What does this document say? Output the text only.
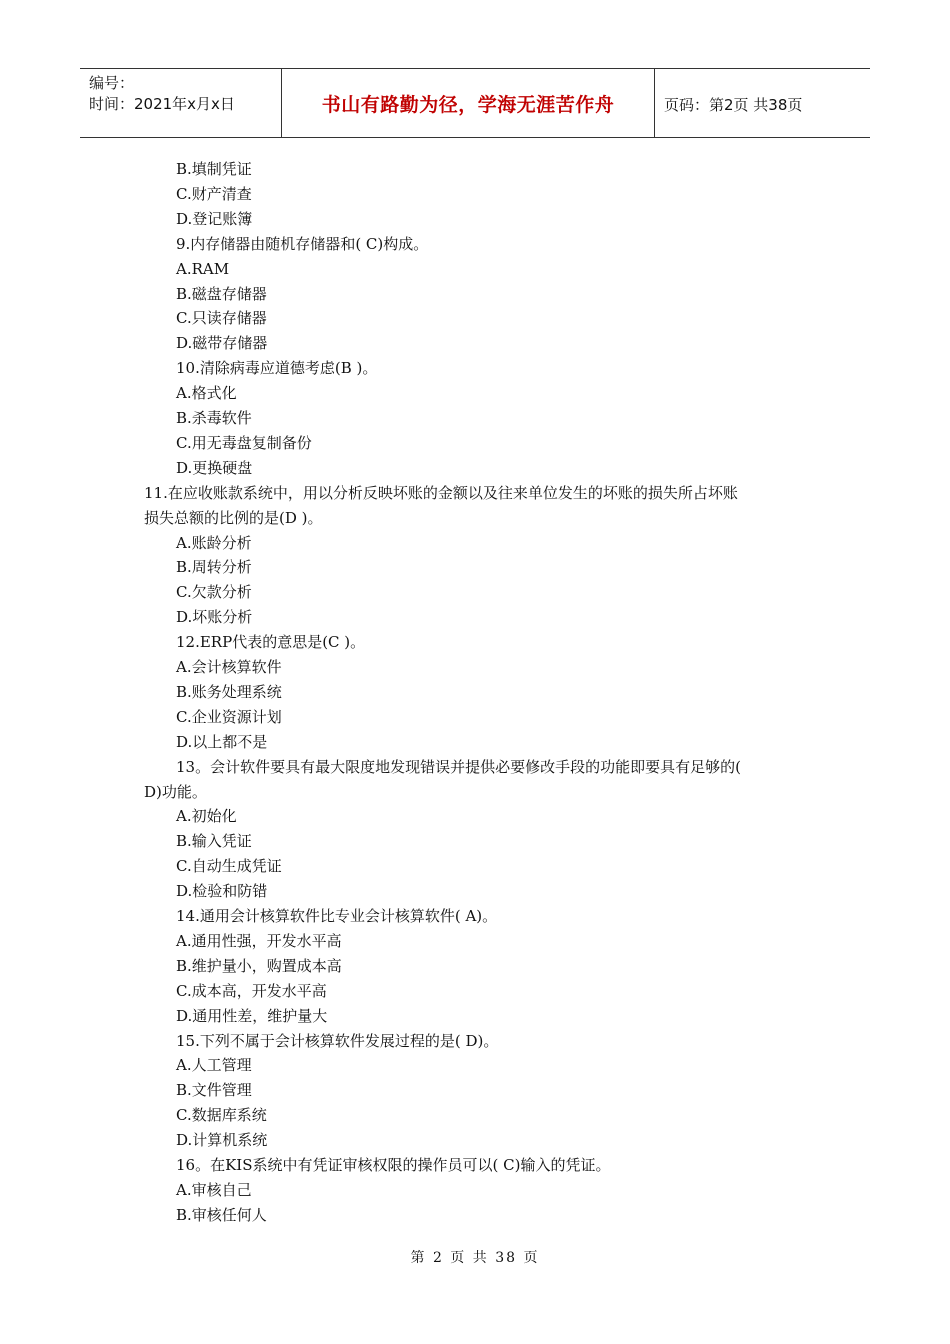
编号：
时间：2021年x月x日	书山有路勤为径，学海无涯苦作舟	页码：第2页 共38页
B.填制凭证
C.财产清查
D.登记账簿
9.内存储器由随机存储器和( C)构成。
A.RAM
B.磁盘存储器
C.只读存储器
D.磁带存储器
10.清除病毒应道德考虑(B )。
A.格式化
B.杀毒软件
C.用无毒盘复制备份
D.更换硬盘
11.在应收账款系统中，用以分析反映坏账的金额以及往来单位发生的坏账的损失所占坏账
损失总额的比例的是(D )。
A.账龄分析
B.周转分析
C.欠款分析
D.坏账分析
12.ERP代表的意思是(C )。
A.会计核算软件
B.账务处理系统
C.企业资源计划
D.以上都不是
13。会计软件要具有最大限度地发现错误并提供必要修改手段的功能即要具有足够的(
D)功能。
A.初始化
B.输入凭证
C.自动生成凭证
D.检验和防错
14.通用会计核算软件比专业会计核算软件( A)。
A.通用性强，开发水平高
B.维护量小，购置成本高
C.成本高，开发水平高
D.通用性差，维护量大
15.下列不属于会计核算软件发展过程的是( D)。
A.人工管理
B.文件管理
C.数据库系统
D.计算机系统
16。在KIS系统中有凭证审核权限的操作员可以( C)输入的凭证。
A.审核自己
B.审核任何人
第 2 页 共 38 页
